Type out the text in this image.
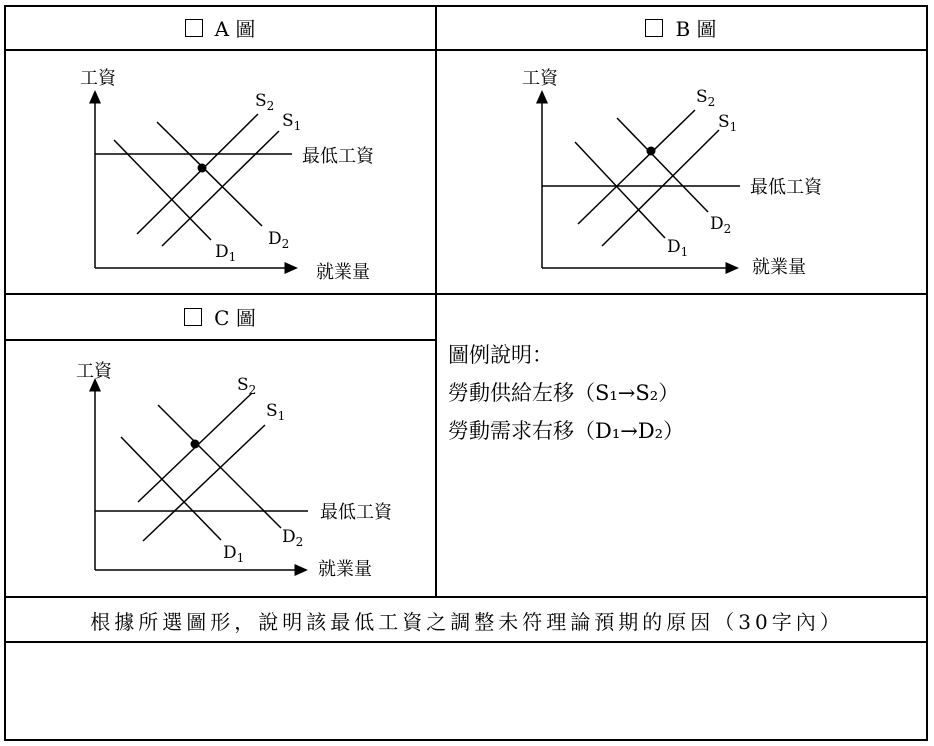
A 圖	B 圖
C 圖
工資
就業量
最低工資
$S_2$
$S_1$
$D_1$
$D_2$
工資
就業量
最低工資
$S_2$
$S_1$
$D_1$
$D_2$
工資
就業量
最低工資
$S_2$
$S_1$
$D_1$
$D_2$
圖例說明：
勞動供給左移（S₁→S₂）
勞動需求右移（D₁→D₂）
根據所選圖形，說明該最低工資之調整未符理論預期的原因（30字內）
